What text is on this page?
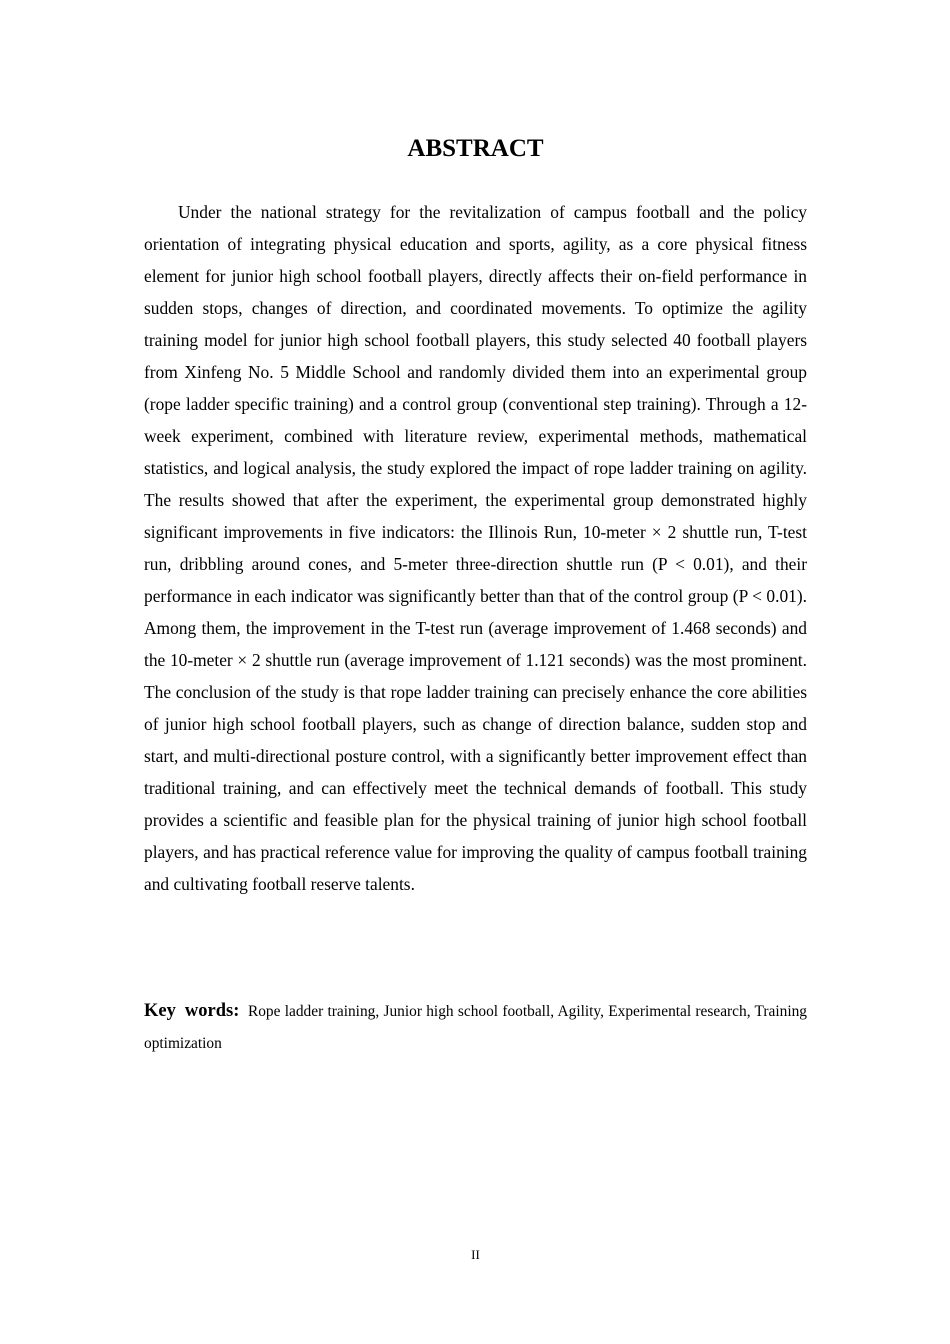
ABSTRACT

Under the national strategy for the revitalization of campus football and the policy orientation of integrating physical education and sports, agility, as a core physical fitness element for junior high school football players, directly affects their on-field performance in sudden stops, changes of direction, and coordinated movements. To optimize the agility training model for junior high school football players, this study selected 40 football players from Xinfeng No. 5 Middle School and randomly divided them into an experimental group (rope ladder specific training) and a control group (conventional step training). Through a 12-week experiment, combined with literature review, experimental methods, mathematical statistics, and logical analysis, the study explored the impact of rope ladder training on agility. The results showed that after the experiment, the experimental group demonstrated highly significant improvements in five indicators: the Illinois Run, 10-meter × 2 shuttle run, T-test run, dribbling around cones, and 5-meter three-direction shuttle run (P < 0.01), and their performance in each indicator was significantly better than that of the control group (P < 0.01). Among them, the improvement in the T-test run (average improvement of 1.468 seconds) and the 10-meter × 2 shuttle run (average improvement of 1.121 seconds) was the most prominent. The conclusion of the study is that rope ladder training can precisely enhance the core abilities of junior high school football players, such as change of direction balance, sudden stop and start, and multi-directional posture control, with a significantly better improvement effect than traditional training, and can effectively meet the technical demands of football. This study provides a scientific and feasible plan for the physical training of junior high school football players, and has practical reference value for improving the quality of campus football training and cultivating football reserve talents.

Key words: Rope ladder training, Junior high school football, Agility, Experimental research, Training optimization

II
